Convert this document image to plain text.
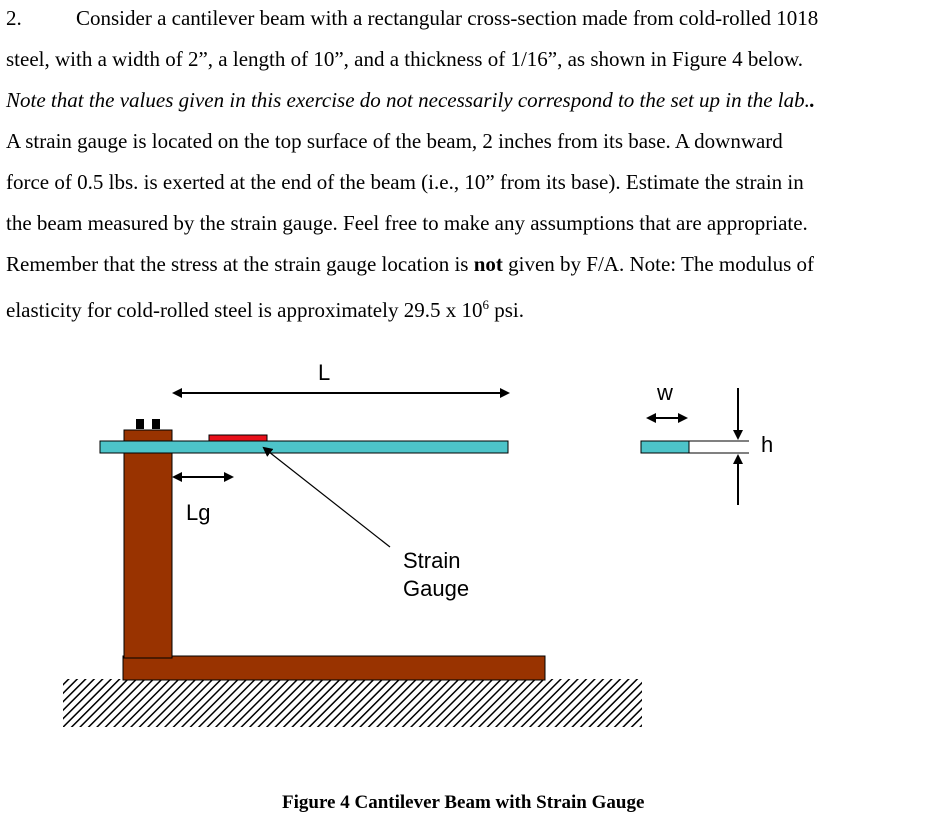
2.	Consider a cantilever beam with a rectangular cross-section made from cold-rolled 1018
steel, with a width of 2”, a length of 10”, and a thickness of 1/16”, as shown in Figure 4 below.
Note that the values given in this exercise do not necessarily correspond to the set up in the lab..
A strain gauge is located on the top surface of the beam, 2 inches from its base. A downward
force of 0.5 lbs. is exerted at the end of the beam (i.e., 10” from its base). Estimate the strain in
the beam measured by the strain gauge. Feel free to make any assumptions that are appropriate.
Remember that the stress at the strain gauge location is not given by F/A. Note: The modulus of
elasticity for cold-rolled steel is approximately 29.5 x $10^6$ psi.
L
Lg
Strain
Gauge
w
h
Figure 4 Cantilever Beam with Strain Gauge
